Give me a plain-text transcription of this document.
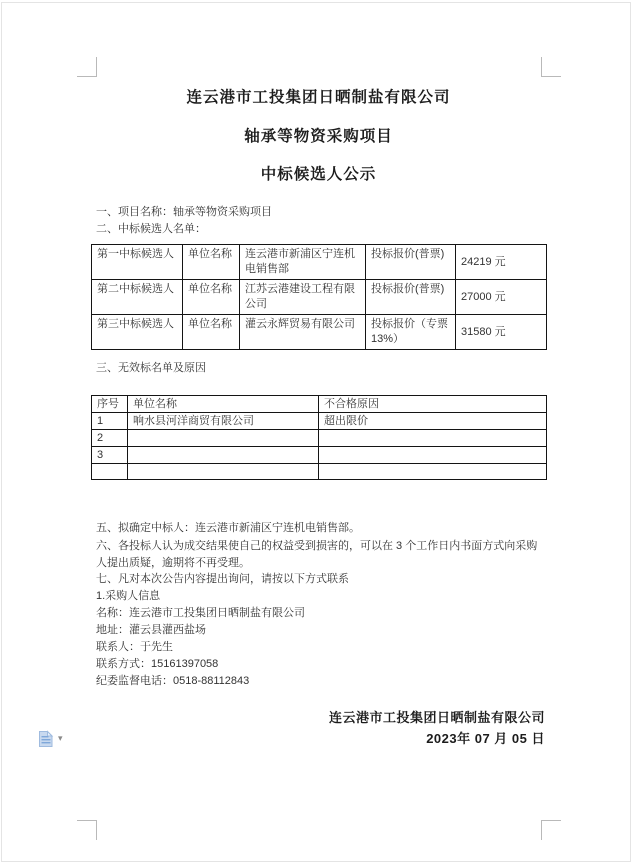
连云港市工投集团日晒制盐有限公司
轴承等物资采购项目
中标候选人公示
一、项目名称：轴承等物资采购项目
二、中标候选人名单：
第一中标候选人	单位名称	连云港市新浦区宁连机电销售部	投标报价(普票)	24219 元
第二中标候选人	单位名称	江苏云港建设工程有限公司	投标报价(普票)	27000 元
第三中标候选人	单位名称	灌云永辉贸易有限公司	投标报价（专票 13%）	31580 元
三、无效标名单及原因
序号	单位名称	不合格原因
1	响水县河洋商贸有限公司	超出限价
2		
3		

五、拟确定中标人：连云港市新浦区宁连机电销售部。
六、各投标人认为成交结果使自己的权益受到损害的，可以在 3 个工作日内书面方式向采购人提出质疑，逾期将不再受理。
七、凡对本次公告内容提出询问，请按以下方式联系
1.采购人信息
名称：连云港市工投集团日晒制盐有限公司
地址：灌云县灌西盐场
联系人：于先生
联系方式：15161397058
纪委监督电话：0518-88112843
连云港市工投集团日晒制盐有限公司
2023年 07 月 05 日
▾
